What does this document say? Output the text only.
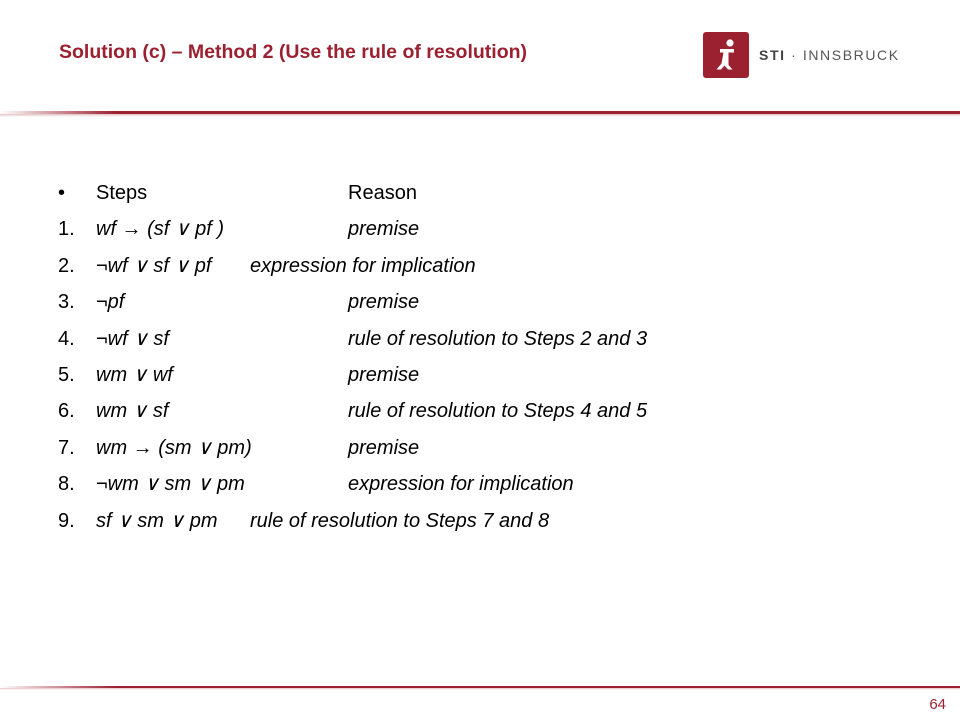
Solution (c) – Method 2 (Use the rule of resolution)	STI · INNSBRUCK
• Steps	Reason
1. wf → (sf ∨ pf )	premise
2. ¬wf ∨ sf ∨ pf expression for implication
3. ¬pf	premise
4. ¬wf ∨ sf	rule of resolution to Steps 2 and 3
5. wm ∨ wf	premise
6. wm ∨ sf	rule of resolution to Steps 4 and 5
7. wm → (sm ∨ pm)	premise
8. ¬wm ∨ sm ∨ pm	expression for implication
9. sf ∨ sm ∨ pm rule of resolution to Steps 7 and 8
64
